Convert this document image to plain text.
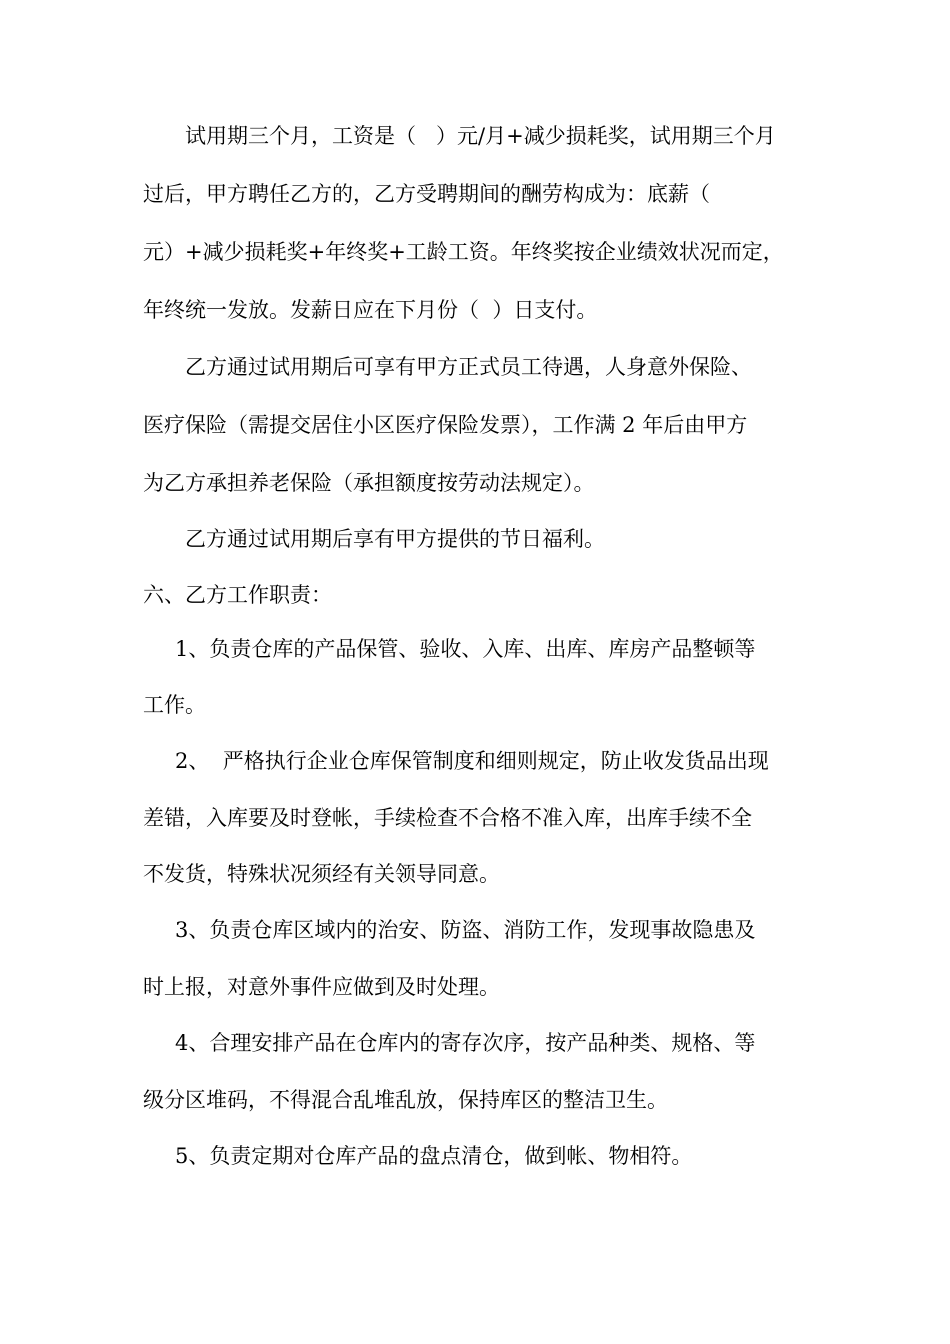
试用期三个月，工资是（   ）元/月+减少损耗奖，试用期三个月
过后，甲方聘任乙方的，乙方受聘期间的酬劳构成为：底薪（
元）+减少损耗奖+年终奖+工龄工资。年终奖按企业绩效状况而定，
年终统一发放。发薪日应在下月份（  ）日支付。
乙方通过试用期后可享有甲方正式员工待遇，人身意外保险、
医疗保险（需提交居住小区医疗保险发票），工作满 2 年后由甲方
为乙方承担养老保险（承担额度按劳动法规定）。
乙方通过试用期后享有甲方提供的节日福利。
六、乙方工作职责：
1、负责仓库的产品保管、验收、入库、出库、库房产品整顿等
工作。
2、  严格执行企业仓库保管制度和细则规定，防止收发货品出现
差错，入库要及时登帐，手续检查不合格不准入库，出库手续不全
不发货，特殊状况须经有关领导同意。
3、负责仓库区域内的治安、防盗、消防工作，发现事故隐患及
时上报，对意外事件应做到及时处理。
4、合理安排产品在仓库内的寄存次序，按产品种类、规格、等
级分区堆码，不得混合乱堆乱放，保持库区的整洁卫生。
5、负责定期对仓库产品的盘点清仓，做到帐、物相符。
